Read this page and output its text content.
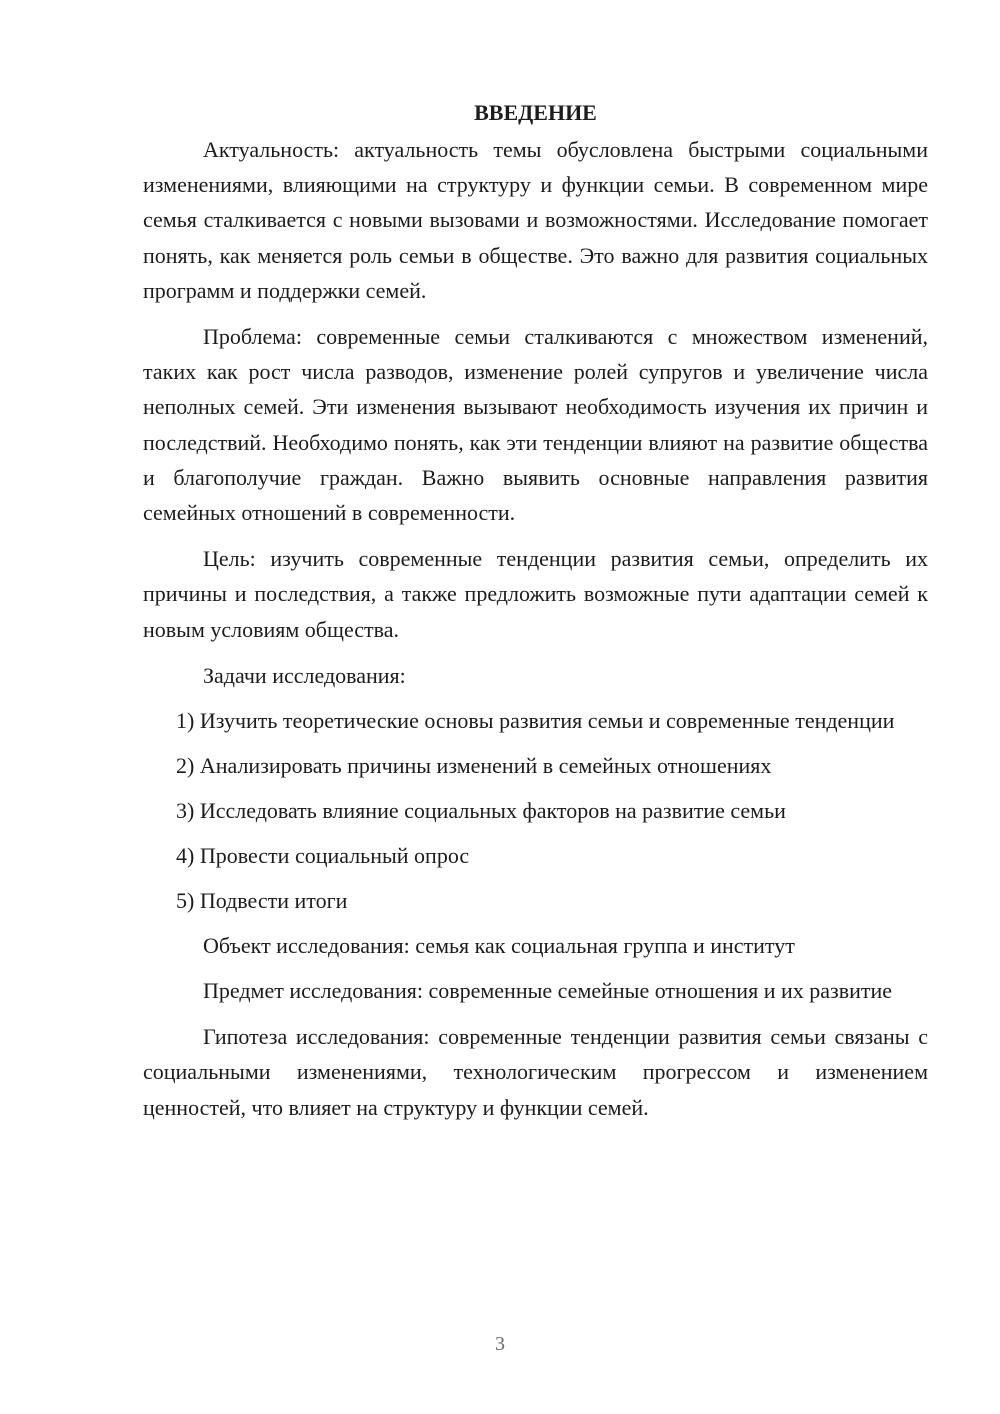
ВВЕДЕНИЕ

Актуальность: актуальность темы обусловлена быстрыми социальными изменениями, влияющими на структуру и функции семьи. В современном мире семья сталкивается с новыми вызовами и возможностями. Исследование помогает понять, как меняется роль семьи в обществе. Это важно для развития социальных программ и поддержки семей.

Проблема: современные семьи сталкиваются с множеством изменений, таких как рост числа разводов, изменение ролей супругов и увеличение числа неполных семей. Эти изменения вызывают необходимость изучения их причин и последствий. Необходимо понять, как эти тенденции влияют на развитие общества и благополучие граждан. Важно выявить основные направления развития семейных отношений в современности.

Цель: изучить современные тенденции развития семьи, определить их причины и последствия, а также предложить возможные пути адаптации семей к новым условиям общества.

Задачи исследования:

1) Изучить теоретические основы развития семьи и современные тенденции

2) Анализировать причины изменений в семейных отношениях

3) Исследовать влияние социальных факторов на развитие семьи

4) Провести социальный опрос

5) Подвести итоги

Объект исследования: семья как социальная группа и институт

Предмет исследования: современные семейные отношения и их развитие

Гипотеза исследования: современные тенденции развития семьи связаны с социальными изменениями, технологическим прогрессом и изменением ценностей, что влияет на структуру и функции семей.

3
